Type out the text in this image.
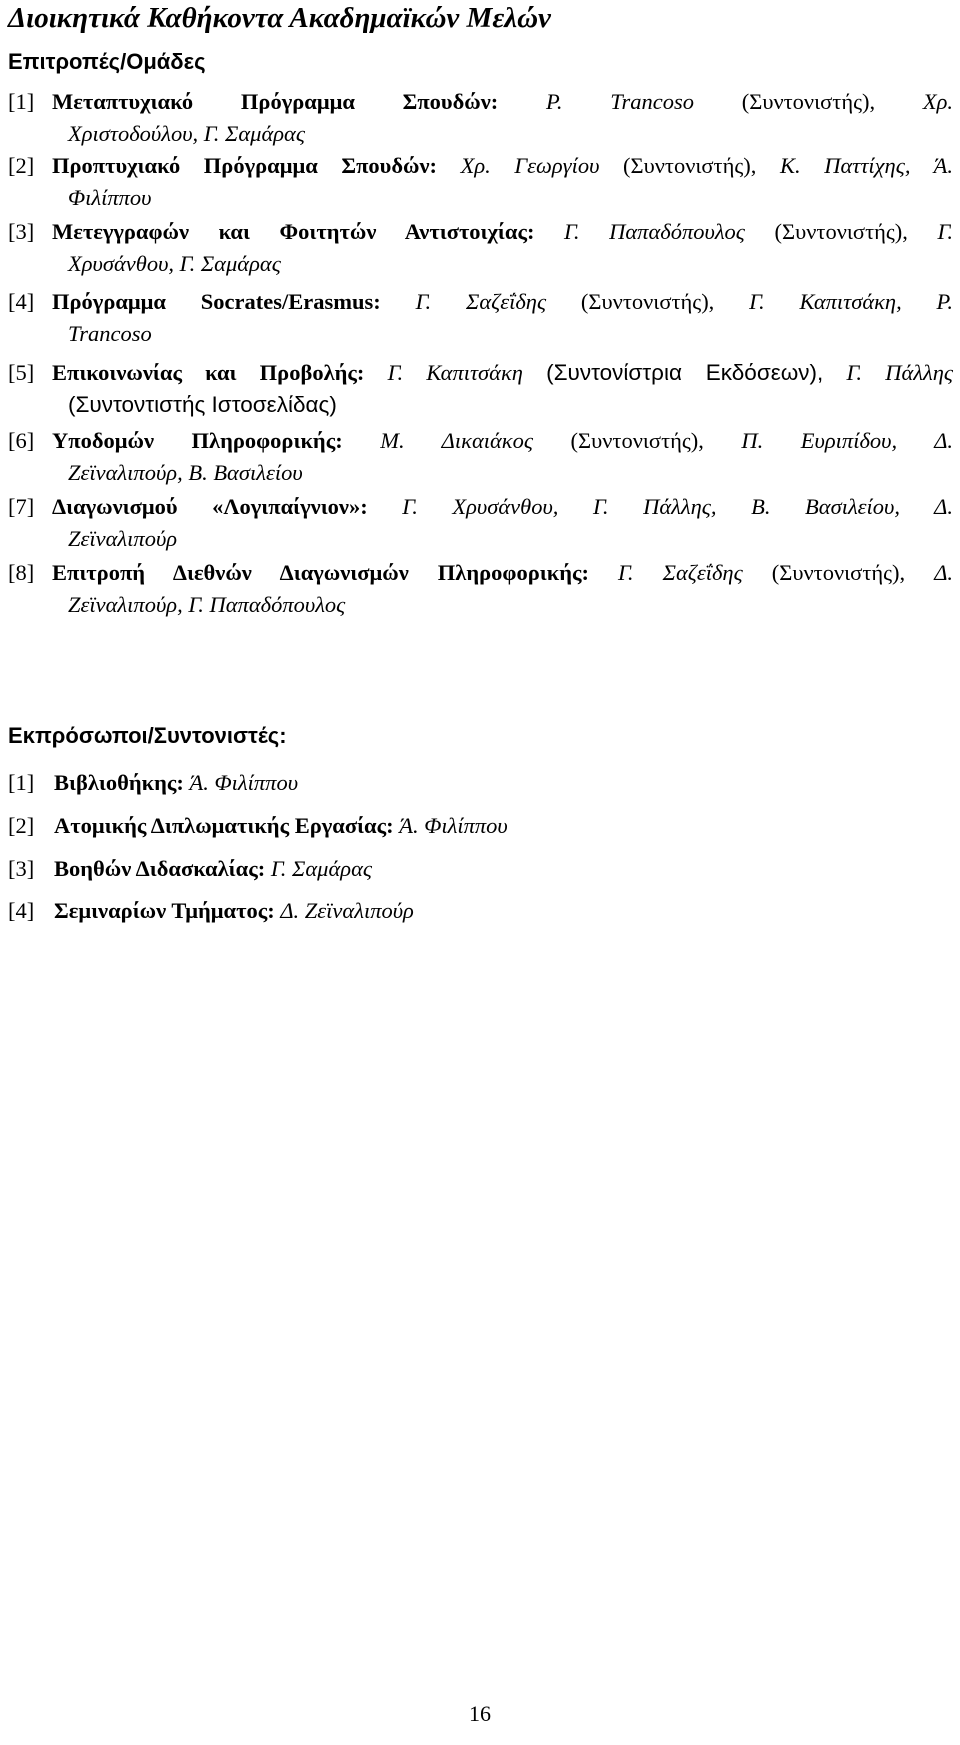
Διοικητικά Καθήκοντα Ακαδημαϊκών Μελών
Επιτροπές/Ομάδες
[1] Μεταπτυχιακό Πρόγραμμα Σπουδών: Ρ. Trancoso (Συντονιστής), Χρ.
Χριστοδούλου, Γ. Σαμάρας
[2] Προπτυχιακό Πρόγραμμα Σπουδών: Χρ. Γεωργίου (Συντονιστής), Κ. Παττίχης, Ά.
Φιλίππου
[3] Μετεγγραφών και Φοιτητών Αντιστοιχίας: Γ. Παπαδόπουλος (Συντονιστής), Γ.
Χρυσάνθου, Γ. Σαμάρας
[4] Πρόγραμμα Socrates/Erasmus: Γ. Σαζεΐδης (Συντονιστής), Γ. Καπιτσάκη, Ρ.
Trancoso
[5] Επικοινωνίας και Προβολής: Γ. Καπιτσάκη (Συντονίστρια Εκδόσεων), Γ. Πάλλης
(Συντοντιστής Ιστοσελίδας)
[6] Υποδομών Πληροφορικής: Μ. Δικαιάκος (Συντονιστής), Π. Ευριπίδου, Δ.
Ζεϊναλιπούρ, Β. Βασιλείου
[7] Διαγωνισμού «Λογιπαίγνιον»: Γ. Χρυσάνθου, Γ. Πάλλης, Β. Βασιλείου, Δ.
Ζεϊναλιπούρ
[8] Επιτροπή Διεθνών Διαγωνισμών Πληροφορικής: Γ. Σαζεΐδης (Συντονιστής), Δ.
Ζεϊναλιπούρ, Γ. Παπαδόπουλος
Εκπρόσωποι/Συντονιστές:
[1] Βιβλιοθήκης: Ά. Φιλίππου
[2] Ατομικής Διπλωματικής Εργασίας: Ά. Φιλίππου
[3] Βοηθών Διδασκαλίας: Γ. Σαμάρας
[4] Σεμιναρίων Τμήματος: Δ. Ζεϊναλιπούρ
16
